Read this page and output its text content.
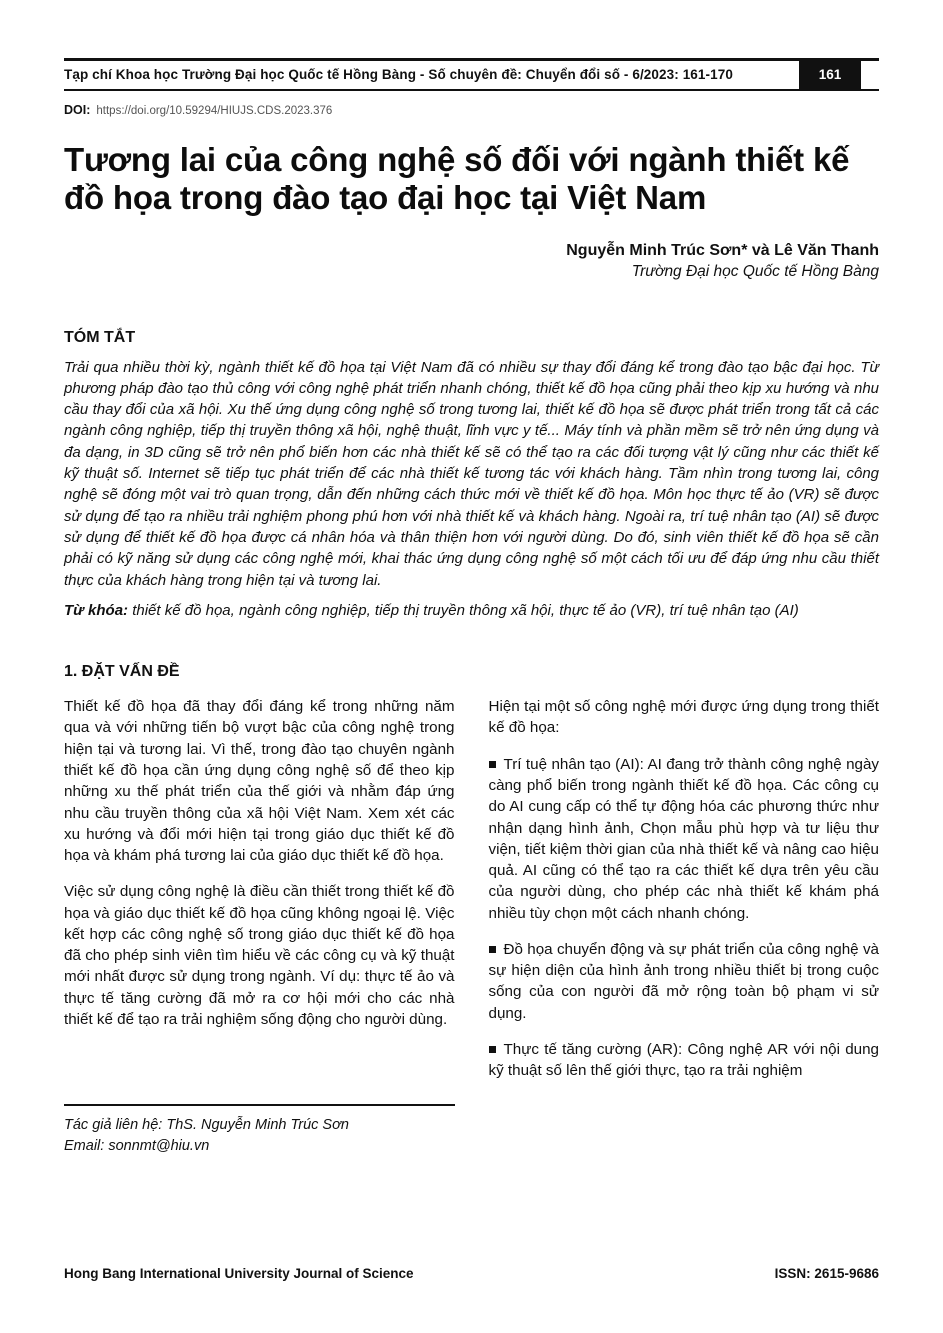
Tạp chí Khoa học Trường Đại học Quốc tế Hồng Bàng - Số chuyên đề: Chuyển đổi số - 6/2023: 161-170	161
DOI: https://doi.org/10.59294/HIUJS.CDS.2023.376
Tương lai của công nghệ số đối với ngành thiết kế đồ họa trong đào tạo đại học tại Việt Nam
Nguyễn Minh Trúc Sơn* và Lê Văn Thanh
Trường Đại học Quốc tế Hồng Bàng
TÓM TẮT

Trải qua nhiều thời kỳ, ngành thiết kế đồ họa tại Việt Nam đã có nhiều sự thay đổi đáng kể trong đào tạo bậc đại học. Từ phương pháp đào tạo thủ công với công nghệ phát triển nhanh chóng, thiết kế đồ họa cũng phải theo kịp xu hướng và nhu cầu thay đổi của xã hội. Xu thế ứng dụng công nghệ số trong tương lai, thiết kế đồ họa sẽ được phát triển trong tất cả các ngành công nghiệp, tiếp thị truyền thông xã hội, nghệ thuật, lĩnh vực y tế... Máy tính và phần mềm sẽ trở nên ứng dụng và đa dạng, in 3D cũng sẽ trở nên phổ biến hơn các nhà thiết kế sẽ có thể tạo ra các đối tượng vật lý cũng như các thiết kế kỹ thuật số. Internet sẽ tiếp tục phát triển để các nhà thiết kế tương tác với khách hàng. Tầm nhìn trong tương lai, công nghệ sẽ đóng một vai trò quan trọng, dẫn đến những cách thức mới về thiết kế đồ họa. Môn học thực tế ảo (VR) sẽ được sử dụng để tạo ra nhiều trải nghiệm phong phú hơn với nhà thiết kế và khách hàng. Ngoài ra, trí tuệ nhân tạo (AI) sẽ được sử dụng để thiết kế đồ họa được cá nhân hóa và thân thiện hơn với người dùng. Do đó, sinh viên thiết kế đồ họa sẽ cần phải có kỹ năng sử dụng các công nghệ mới, khai thác ứng dụng công nghệ số một cách tối ưu để đáp ứng nhu cầu thiết thực của khách hàng trong hiện tại và tương lai.

Từ khóa: thiết kế đồ họa, ngành công nghiệp, tiếp thị truyền thông xã hội, thực tế ảo (VR), trí tuệ nhân tạo (AI)

1. ĐẶT VẤN ĐỀ

Thiết kế đồ họa đã thay đổi đáng kể trong những năm qua và với những tiến bộ vượt bậc của công nghệ trong hiện tại và tương lai. Vì thế, trong đào tạo chuyên ngành thiết kế đồ họa cần ứng dụng công nghệ số để theo kịp những xu thế phát triển của thế giới và nhằm đáp ứng nhu cầu truyền thông của xã hội Việt Nam. Xem xét các xu hướng và đổi mới hiện tại trong giáo dục thiết kế đồ họa và khám phá tương lai của giáo dục thiết kế đồ họa.

Việc sử dụng công nghệ là điều cần thiết trong thiết kế đồ họa và giáo dục thiết kế đồ họa cũng không ngoại lệ. Việc kết hợp các công nghệ số trong giáo dục thiết kế đồ họa đã cho phép sinh viên tìm hiểu về các công cụ và kỹ thuật mới nhất được sử dụng trong ngành. Ví dụ: thực tế ảo và thực tế tăng cường đã mở ra cơ hội mới cho các nhà thiết kế để tạo ra trải nghiệm sống động cho người dùng.

Hiện tại một số công nghệ mới được ứng dụng trong thiết kế đồ họa:

Trí tuệ nhân tạo (AI): AI đang trở thành công nghệ ngày càng phổ biến trong ngành thiết kế đồ họa. Các công cụ do AI cung cấp có thể tự động hóa các phương thức như nhận dạng hình ảnh, Chọn mẫu phù hợp và tư liệu thư viện, tiết kiệm thời gian của nhà thiết kế và nâng cao hiệu quả. AI cũng có thể tạo ra các thiết kế dựa trên yêu cầu của người dùng, cho phép các nhà thiết kế khám phá nhiều tùy chọn một cách nhanh chóng.

Đồ họa chuyển động và sự phát triển của công nghệ và sự hiện diện của hình ảnh trong nhiều thiết bị trong cuộc sống của con người đã mở rộng toàn bộ phạm vi sử dụng.

Thực tế tăng cường (AR): Công nghệ AR với nội dung kỹ thuật số lên thế giới thực, tạo ra trải nghiệm

Tác giả liên hệ: ThS. Nguyễn Minh Trúc Sơn
Email: sonnmt@hiu.vn
Hong Bang International University Journal of Science	ISSN: 2615-9686
